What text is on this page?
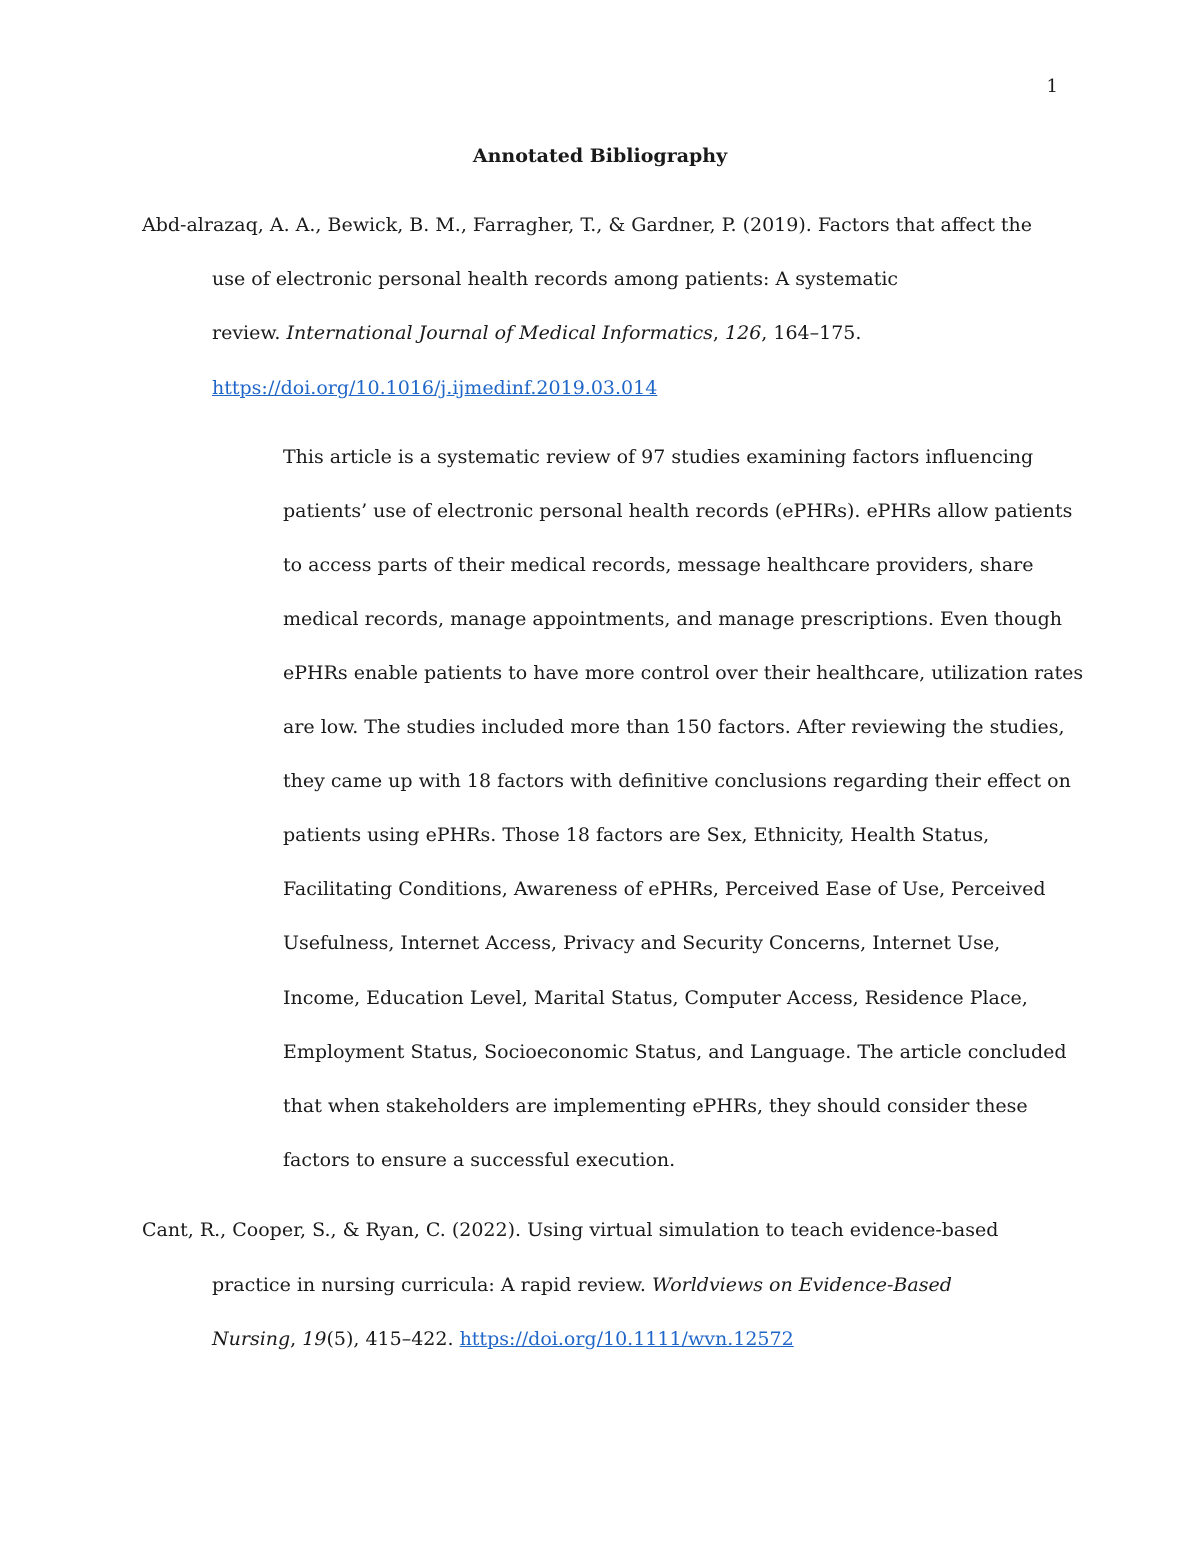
1
Annotated Bibliography
Abd-alrazaq, A. A., Bewick, B. M., Farragher, T., & Gardner, P. (2019). Factors that affect the
use of electronic personal health records among patients: A systematic
review. International Journal of Medical Informatics, 126, 164–175.
https://doi.org/10.1016/j.ijmedinf.2019.03.014
This article is a systematic review of 97 studies examining factors influencing
patients’ use of electronic personal health records (ePHRs). ePHRs allow patients
to access parts of their medical records, message healthcare providers, share
medical records, manage appointments, and manage prescriptions. Even though
ePHRs enable patients to have more control over their healthcare, utilization rates
are low. The studies included more than 150 factors. After reviewing the studies,
they came up with 18 factors with definitive conclusions regarding their effect on
patients using ePHRs. Those 18 factors are Sex, Ethnicity, Health Status,
Facilitating Conditions, Awareness of ePHRs, Perceived Ease of Use, Perceived
Usefulness, Internet Access, Privacy and Security Concerns, Internet Use,
Income, Education Level, Marital Status, Computer Access, Residence Place,
Employment Status, Socioeconomic Status, and Language. The article concluded
that when stakeholders are implementing ePHRs, they should consider these
factors to ensure a successful execution.
Cant, R., Cooper, S., & Ryan, C. (2022). Using virtual simulation to teach evidence-based
practice in nursing curricula: A rapid review. Worldviews on Evidence-Based
Nursing, 19(5), 415–422. https://doi.org/10.1111/wvn.12572
